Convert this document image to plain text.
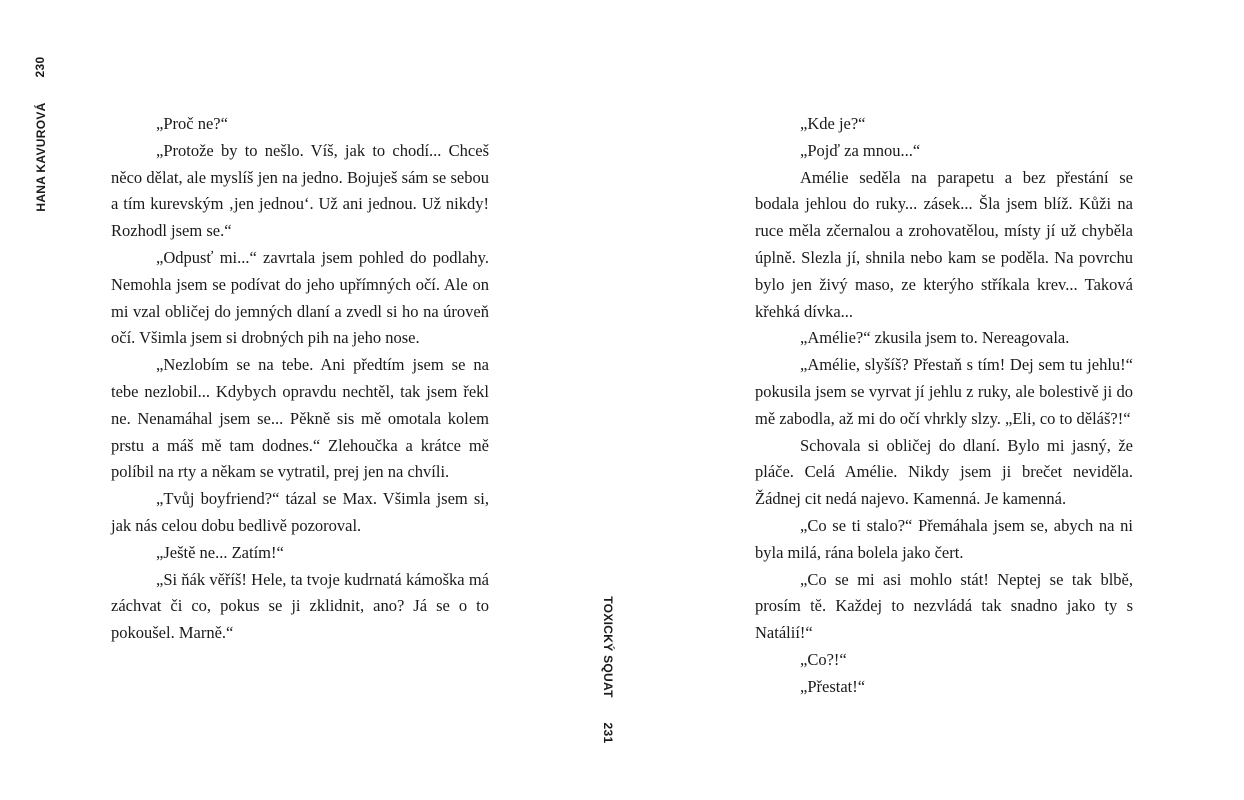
230
HANA KAVUROVÁ	„Proč ne?“

„Protože by to nešlo. Víš, jak to chodí... Chceš něco dělat, ale myslíš jen na jedno. Bojuješ sám se sebou a tím kurevským ‚jen jednou‘. Už ani jednou. Už nikdy! Rozhodl jsem se.“

„Odpusť mi...“ zavrtala jsem pohled do podlahy. Nemohla jsem se podívat do jeho upřímných očí. Ale on mi vzal obličej do jemných dlaní a zvedl si ho na úroveň očí. Všimla jsem si drobných pih na jeho nose.

„Nezlobím se na tebe. Ani předtím jsem se na tebe nezlobil... Kdybych opravdu nechtěl, tak jsem řekl ne. Nenamáhal jsem se... Pěkně sis mě omotala kolem prstu a máš mě tam dodnes.“ Zlehoučka a krátce mě políbil na rty a někam se vytratil, prej jen na chvíli.

„Tvůj boyfriend?“ tázal se Max. Všimla jsem si, jak nás celou dobu bedlivě pozoroval.

„Ještě ne... Zatím!“

„Si ňák věříš! Hele, ta tvoje kudrnatá kámoška má záchvat či co, pokus se ji zklidnit, ano? Já se o to pokoušel. Marně.“

„Kde je?“

„Pojď za mnou...“

Amélie seděla na parapetu a bez přestání se bodala jehlou do ruky... zásek... Šla jsem blíž. Kůži na ruce měla zčernalou a zrohovatělou, místy jí už chyběla úplně. Slezla jí, shnila nebo kam se poděla. Na povrchu bylo jen živý maso, ze kterýho stříkala krev... Taková křehká dívka...

„Amélie?“ zkusila jsem to. Nereagovala.

„Amélie, slyšíš? Přestaň s tím! Dej sem tu jehlu!“ pokusila jsem se vyrvat jí jehlu z ruky, ale bolestivě ji do mě zabodla, až mi do očí vhrkly slzy. „Eli, co to děláš?!“

Schovala si obličej do dlaní. Bylo mi jasný, že pláče. Celá Amélie. Nikdy jsem ji brečet neviděla. Žádnej cit nedá najevo. Kamenná. Je kamenná.

„Co se ti stalo?“ Přemáhala jsem se, abych na ni byla milá, rána bolela jako čert.

„Co se mi asi mohlo stát! Neptej se tak blbě, prosím tě. Každej to nezvládá tak snadno jako ty s Natálií!“

„Co?!“

„Přestat!“

TOXICKÝ SQUAT
231
